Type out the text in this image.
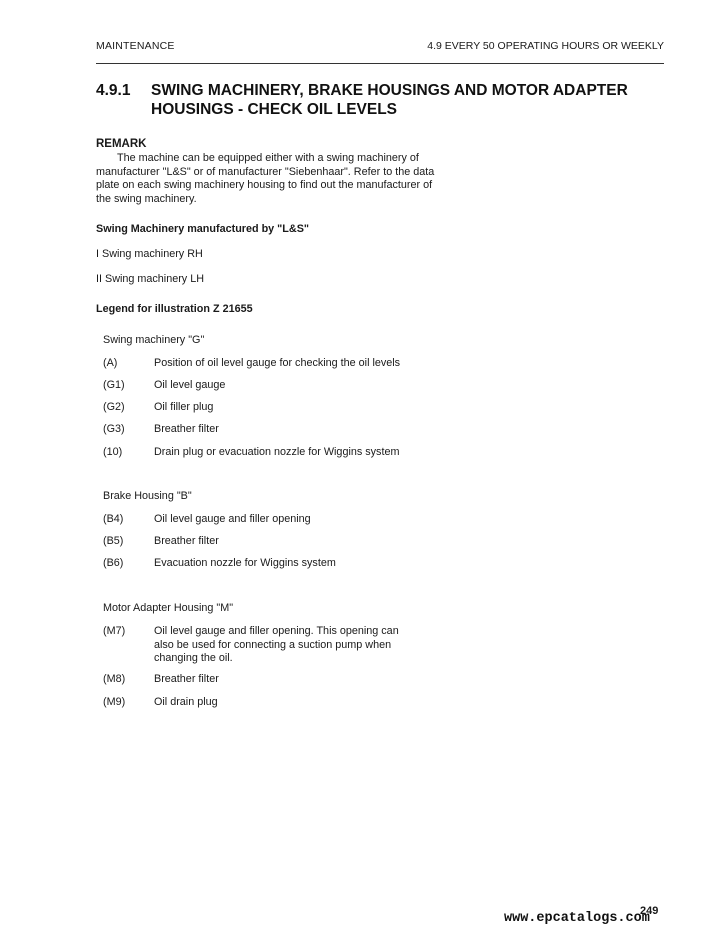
MAINTENANCE	4.9 EVERY 50 OPERATING HOURS OR WEEKLY
4.9.1 SWING MACHINERY, BRAKE HOUSINGS AND MOTOR ADAPTER HOUSINGS - CHECK OIL LEVELS
REMARK
The machine can be equipped either with a swing machinery of manufacturer "L&S" or of manufacturer "Siebenhaar". Refer to the data plate on each swing machinery housing to find out the manufacturer of the swing machinery.
Swing Machinery manufactured by "L&S"
I Swing machinery RH
II Swing machinery LH
Legend for illustration Z 21655
Swing machinery "G"
(A)	Position of oil level gauge for checking the oil levels
(G1)	Oil level gauge
(G2)	Oil filler plug
(G3)	Breather filter
(10)	Drain plug or evacuation nozzle for Wiggins system
Brake Housing "B"
(B4)	Oil level gauge and filler opening
(B5)	Breather filter
(B6)	Evacuation nozzle for Wiggins system
Motor Adapter Housing "M"
(M7)	Oil level gauge and filler opening. This opening can also be used for connecting a suction pump when changing the oil.
(M8)	Breather filter
(M9)	Oil drain plug
249
www.epcatalogs.com
